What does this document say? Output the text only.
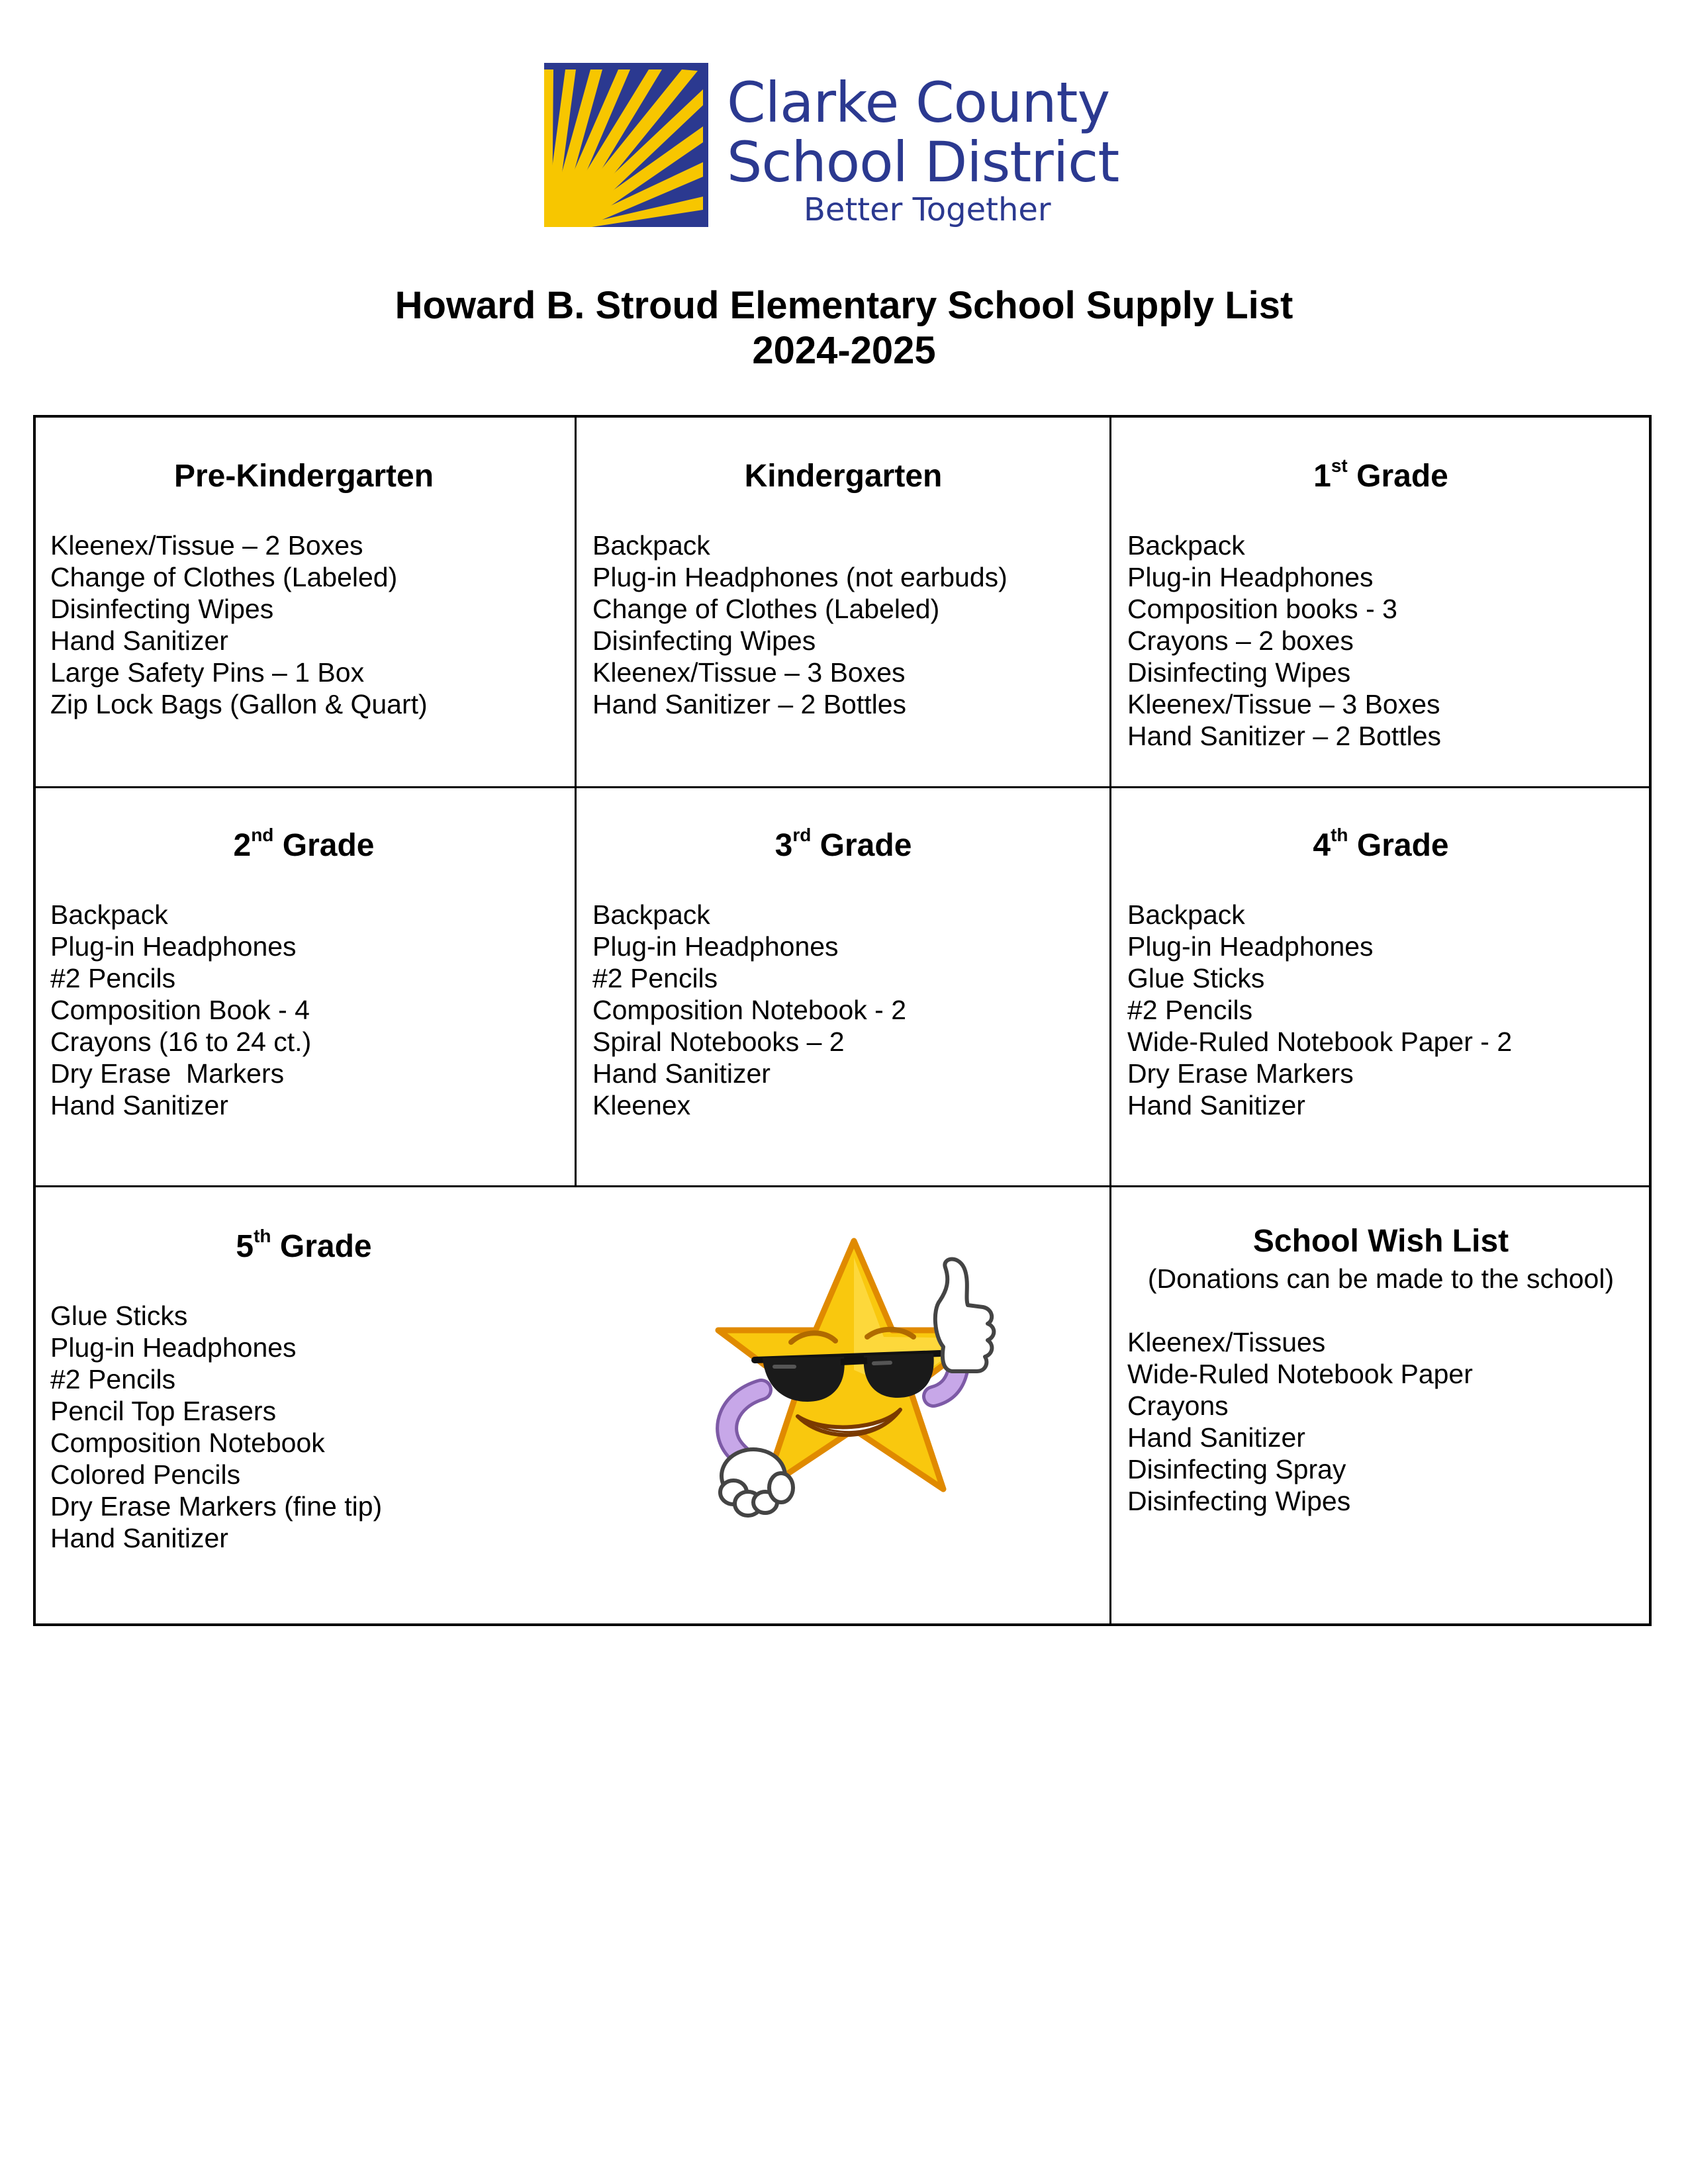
Clarke County
School District
Better Together
Howard B. Stroud Elementary School Supply List
2024-2025
Pre-Kindergarten
Kleenex/Tissue – 2 Boxes
Change of Clothes (Labeled)
Disinfecting Wipes
Hand Sanitizer
Large Safety Pins – 1 Box
Zip Lock Bags (Gallon & Quart)
Kindergarten
Backpack
Plug-in Headphones (not earbuds)
Change of Clothes (Labeled)
Disinfecting Wipes
Kleenex/Tissue – 3 Boxes
Hand Sanitizer – 2 Bottles
1st Grade
Backpack
Plug-in Headphones
Composition books - 3
Crayons – 2 boxes
Disinfecting Wipes
Kleenex/Tissue – 3 Boxes
Hand Sanitizer – 2 Bottles
2nd Grade
Backpack
Plug-in Headphones
#2 Pencils
Composition Book - 4
Crayons (16 to 24 ct.)
Dry Erase  Markers
Hand Sanitizer
3rd Grade
Backpack
Plug-in Headphones
#2 Pencils
Composition Notebook - 2
Spiral Notebooks – 2
Hand Sanitizer
Kleenex
4th Grade
Backpack
Plug-in Headphones
Glue Sticks
#2 Pencils
Wide-Ruled Notebook Paper - 2
Dry Erase Markers
Hand Sanitizer
5th Grade
Glue Sticks
Plug-in Headphones
#2 Pencils
Pencil Top Erasers
Composition Notebook
Colored Pencils
Dry Erase Markers (fine tip)
Hand Sanitizer
School Wish List
(Donations can be made to the school)
Kleenex/Tissues
Wide-Ruled Notebook Paper
Crayons
Hand Sanitizer
Disinfecting Spray
Disinfecting Wipes
